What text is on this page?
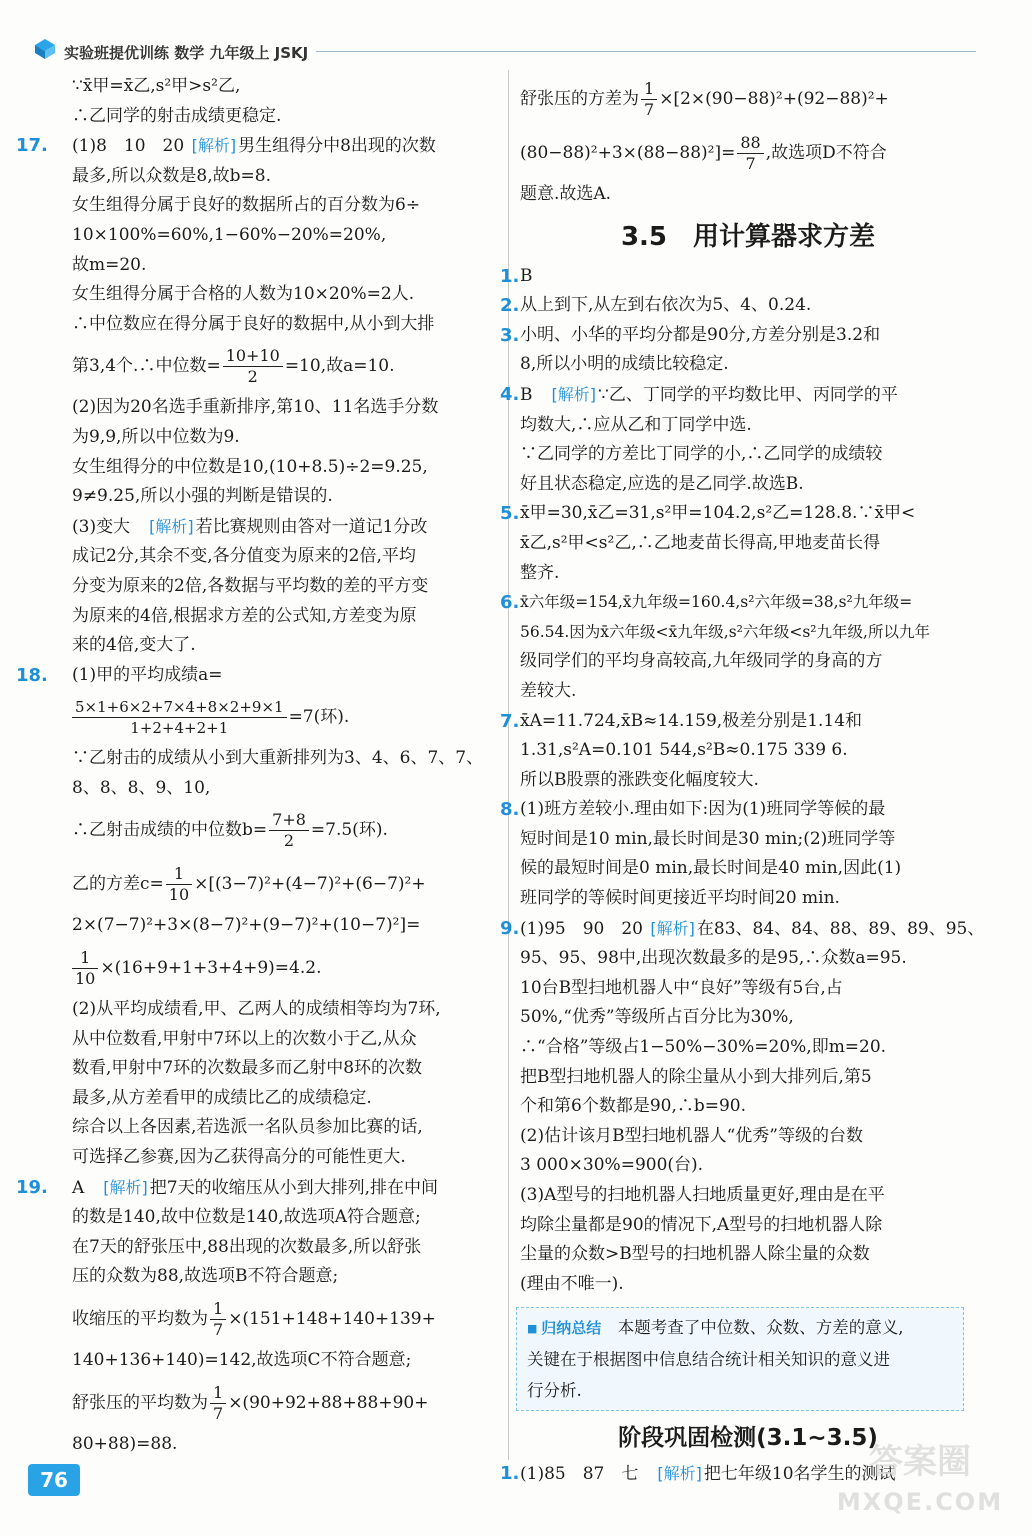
实验班提优训练 数学 九年级上 JSKJ
∵x̄甲=x̄乙,s²甲>s²乙,
∴乙同学的射击成绩更稳定.
17.	(1)8　10　20 [ 解析 ] 男生组得分中8出现的次数
最多,所以众数是8,故b=8.
女生组得分属于良好的数据所占的百分数为6÷
10×100%=60%,1−60%−20%=20%,
故m=20.
女生组得分属于合格的人数为10×20%=2人.
∴中位数应在得分属于良好的数据中,从小到大排
第3,4个.∴中位数= $\frac{10+10}{2} =10$,故a=10.
(2)因为20名选手重新排序,第10、11名选手分数
为9,9,所以中位数为9.
女生组得分的中位数是10,(10+8.5)÷2=9.25,
9≠9.25,所以小强的判断是错误的.
(3)变大　 [ 解析 ] 若比赛规则由答对一道记1分改
成记2分,其余不变,各分值变为原来的2倍,平均
分变为原来的2倍,各数据与平均数的差的平方变
为原来的4倍,根据求方差的公式知,方差变为原
来的4倍,变大了.
18.	(1)甲的平均成绩a=
$\frac{5\times 1+6\times 2+7\times 4+8\times 2+9\times 1}{1+2+4+2+1} =7$(环).
∵乙射击的成绩从小到大重新排列为3、4、6、7、7、
8、8、8、9、10,
∴乙射击成绩的中位数$b= \frac{7+8}{2} =7.5$(环).
乙的方差$c= \frac{1}{10} \times[(3-7)^2+(4-7)^2+(6-7)^2+$
2×(7−7)²+3×(8−7)²+(9−7)²+(10−7)²]=
$\frac{1}{10} \times(16+9+1+3+4+9)=4.2$.
(2)从平均成绩看,甲、乙两人的成绩相等均为7环,
从中位数看,甲射中7环以上的次数小于乙,从众
数看,甲射中7环的次数最多而乙射中8环的次数
最多,从方差看甲的成绩比乙的成绩稳定.
综合以上各因素,若选派一名队员参加比赛的话,
可选择乙参赛,因为乙获得高分的可能性更大.
19.	A　 [ 解析 ] 把7天的收缩压从小到大排列,排在中间
的数是140,故中位数是140,故选项A符合题意;
在7天的舒张压中,88出现的次数最多,所以舒张
压的众数为88,故选项B不符合题意;
收缩压的平均数为 $\frac{1}{7} \times(151+148+140+139+$
140+136+140)=142,故选项C不符合题意;
舒张压的平均数为 $\frac{1}{7} \times(90+92+88+88+90+$
80+88)=88.
舒张压的方差为 $\frac{1}{7} \times[2\times(90-88)^2+(92-88)^2+$
$(80-88)^2+3\times(88-88)^2]= \frac{88}{7}$ ,故选项D不符合
题意.故选A.
3.5　用计算器求方差
1. B
2. 从上到下,从左到右依次为5、4、0.24.
3. 小明、小华的平均分都是90分,方差分别是3.2和
8,所以小明的成绩比较稳定.
4. B　 [ 解析 ] ∵乙、丁同学的平均数比甲、丙同学的平
均数大,∴应从乙和丁同学中选.
∵乙同学的方差比丁同学的小,∴乙同学的成绩较
好且状态稳定,应选的是乙同学.故选B.
5. x̄甲=30,x̄乙=31,s²甲=104.2,s²乙=128.8.∵x̄甲<
x̄乙,s²甲<s²乙,∴乙地麦苗长得高,甲地麦苗长得
整齐.
6. x̄六年级=154,x̄九年级=160.4,s²六年级=38,s²九年级=
56.54.因为x̄六年级<x̄九年级,s²六年级<s²九年级,所以九年
级同学们的平均身高较高,九年级同学的身高的方
差较大.
7. x̄A=11.724,x̄B≈14.159,极差分别是1.14和
1.31,s²A=0.101 544,s²B≈0.175 339 6.
所以B股票的涨跌变化幅度较大.
8. (1)班方差较小.理由如下:因为(1)班同学等候的最
短时间是10 min,最长时间是30 min;(2)班同学等
候的最短时间是0 min,最长时间是40 min,因此(1)
班同学的等候时间更接近平均时间20 min.
9. (1)95　90　20 [ 解析 ] 在83、84、84、88、89、89、95、
95、95、98中,出现次数最多的是95,∴众数a=95.
10台B型扫地机器人中“良好”等级有5台,占
50%,“优秀”等级所占百分比为30%,
∴“合格”等级占1−50%−30%=20%,即m=20.
把B型扫地机器人的除尘量从小到大排列后,第5
个和第6个数都是90,∴b=90.
(2)估计该月B型扫地机器人“优秀”等级的台数
3 000×30%=900(台).
(3)A型号的扫地机器人扫地质量更好,理由是在平
均除尘量都是90的情况下,A型号的扫地机器人除
尘量的众数>B型号的扫地机器人除尘量的众数
(理由不唯一).
■ 归纳总结　 本题考查了中位数、众数、方差的意义,
关键在于根据图中信息结合统计相关知识的意义进
行分析.
阶段巩固检测(3.1~3.5)
1. (1)85　87　七　 [ 解析 ] 把七年级10名学生的测试
76	答案圈
MXQE.COM
